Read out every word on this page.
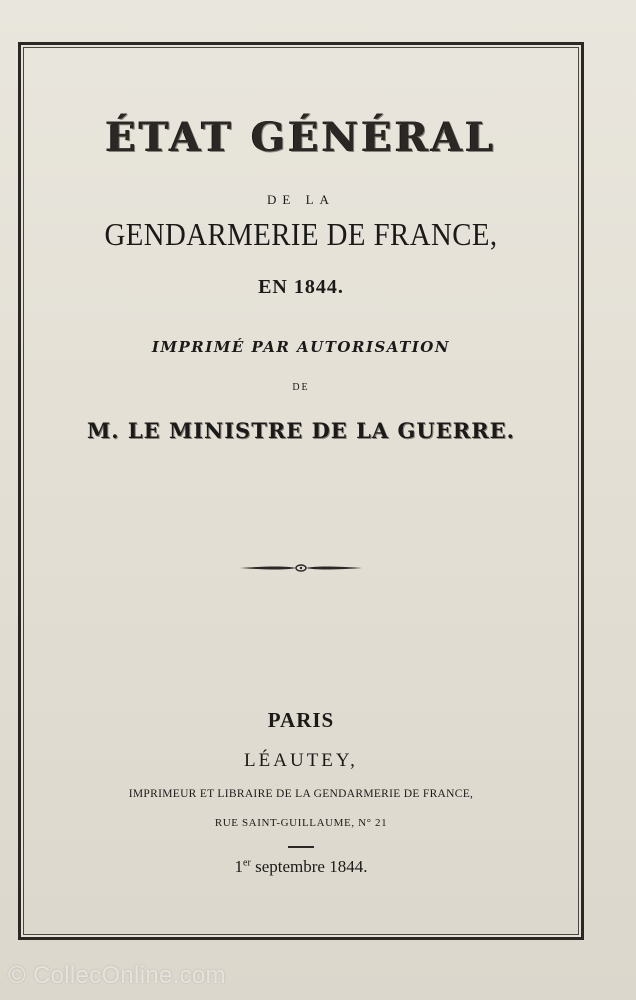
ÉTAT GÉNÉRAL
DE LA
GENDARMERIE DE FRANCE,
EN 1844.
IMPRIMÉ PAR AUTORISATION
DE
M. LE MINISTRE DE LA GUERRE.
PARIS
LÉAUTEY,
IMPRIMEUR ET LIBRAIRE DE LA GENDARMERIE DE FRANCE,
RUE SAINT-GUILLAUME, N° 21
1er septembre 1844.
© ColleсOnline.com
